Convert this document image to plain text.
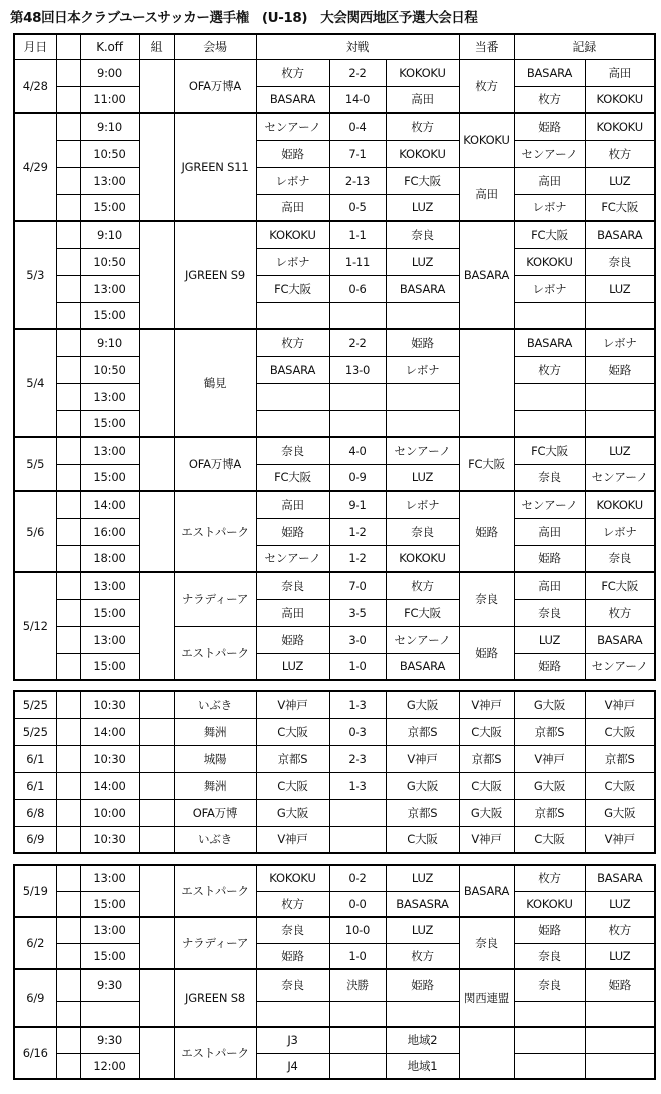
第48回日本クラブユースサッカー選手権　(U-18)　大会関西地区予選大会日程
月日		K.off	組	会場	対戦			当番	記録	
4/28		9:00		OFA万博A	枚方	2-2	KOKOKU	枚方	BASARA	高田
		11:00			BASARA	14-0	高田		枚方	KOKOKU
4/29		9:10		JGREEN S11	センアーノ	0-4	枚方	KOKOKU	姫路	KOKOKU
		10:50			姫路	7-1	KOKOKU		センアーノ	枚方
		13:00			レボナ	2-13	FC大阪	高田	高田	LUZ
		15:00			高田	0-5	LUZ		レボナ	FC大阪
5/3		9:10		JGREEN S9	KOKOKU	1-1	奈良	BASARA	FC大阪	BASARA
		10:50			レボナ	1-11	LUZ		KOKOKU	奈良
		13:00			FC大阪	0-6	BASARA		レボナ	LUZ
		15:00								
5/4		9:10		鶴見	枚方	2-2	姫路		BASARA	レボナ
		10:50			BASARA	13-0	レボナ		枚方	姫路
		13:00								
		15:00								
5/5		13:00		OFA万博A	奈良	4-0	センアーノ	FC大阪	FC大阪	LUZ
		15:00			FC大阪	0-9	LUZ		奈良	センアーノ
5/6		14:00		エストパーク	高田	9-1	レボナ	姫路	センアーノ	KOKOKU
		16:00			姫路	1-2	奈良		高田	レボナ
		18:00			センアーノ	1-2	KOKOKU		姫路	奈良
5/12		13:00		ナラディーア	奈良	7-0	枚方	奈良	高田	FC大阪
		15:00			高田	3-5	FC大阪		奈良	枚方
		13:00		エストパーク	姫路	3-0	センアーノ	姫路	LUZ	BASARA
		15:00			LUZ	1-0	BASARA		姫路	センアーノ
5/25		10:30		いぶき	V神戸	1-3	G大阪	V神戸	G大阪	V神戸
5/25		14:00		舞洲	C大阪	0-3	京都S	C大阪	京都S	C大阪
6/1		10:30		城陽	京都S	2-3	V神戸	京都S	V神戸	京都S
6/1		14:00		舞洲	C大阪	1-3	G大阪	C大阪	G大阪	C大阪
6/8		10:00		OFA万博	G大阪		京都S	G大阪	京都S	G大阪
6/9		10:30		いぶき	V神戸		C大阪	V神戸	C大阪	V神戸
5/19		13:00		エストパーク	KOKOKU	0-2	LUZ	BASARA	枚方	BASARA
		15:00			枚方	0-0	BASASRA		KOKOKU	LUZ
6/2		13:00		ナラディーア	奈良	10-0	LUZ	奈良	姫路	枚方
		15:00			姫路	1-0	枚方		奈良	LUZ
6/9		9:30		JGREEN S8	奈良	決勝	姫路	関西連盟	奈良	姫路

6/16		9:30		エストパーク	J3		地域2			
		12:00			J4		地域1			
